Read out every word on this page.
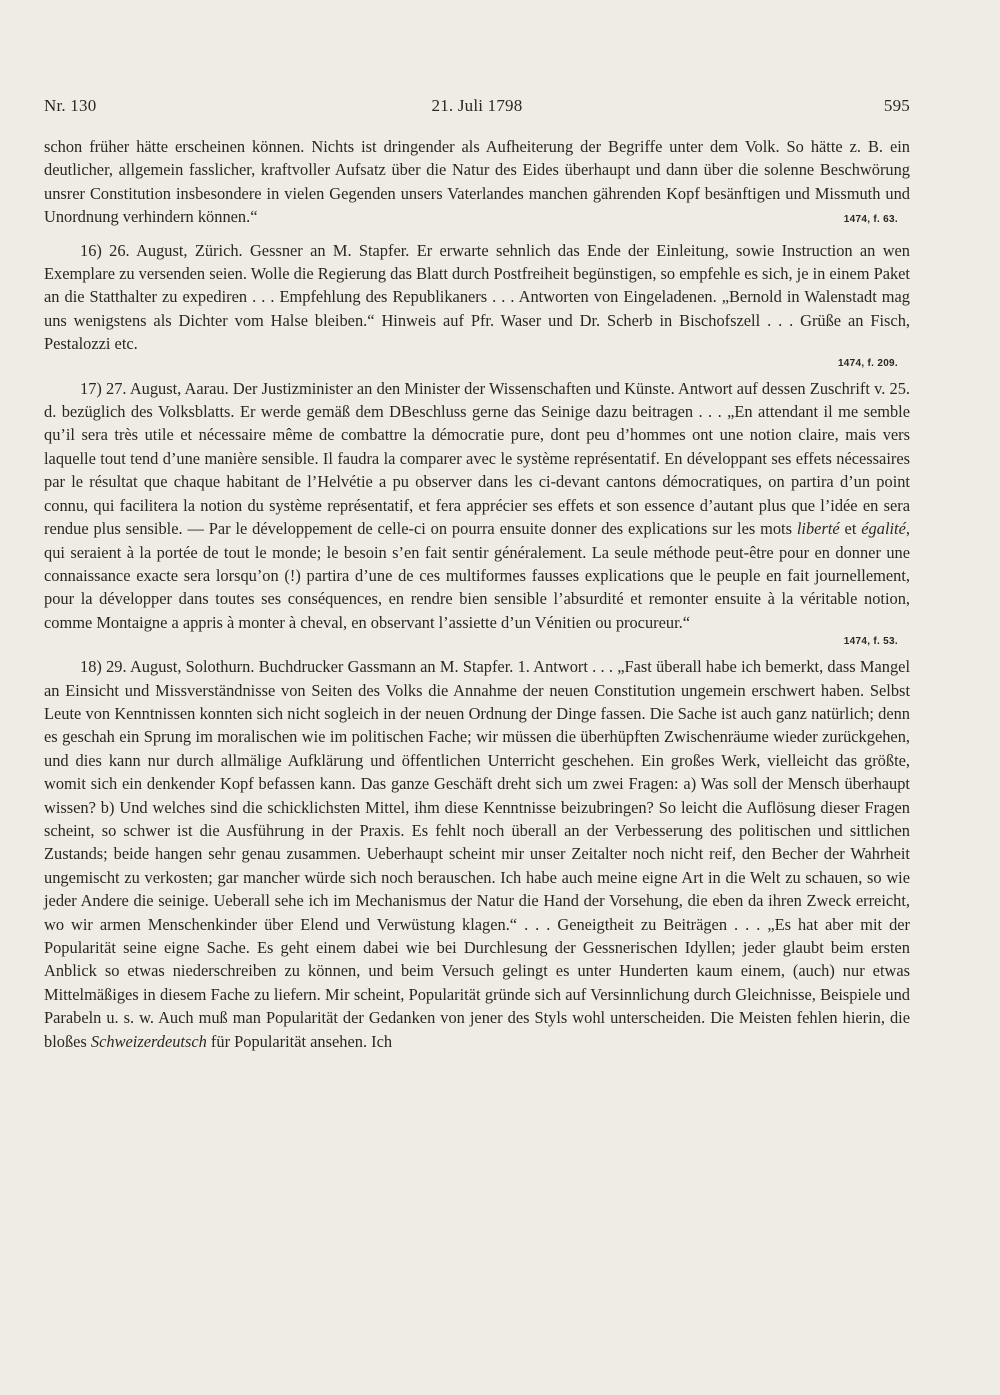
Nr. 130	21. Juli 1798	595
schon früher hätte erscheinen können. Nichts ist dringender als Aufheiterung der Begriffe unter dem Volk. So hätte z. B. ein deutlicher, allgemein fasslicher, kraftvoller Aufsatz über die Natur des Eides überhaupt und dann über die solenne Beschwörung unsrer Constitution insbesondere in vielen Gegenden unsers Vaterlandes manchen gährenden Kopf besänftigen und Missmuth und Unordnung verhindern können.“	1474, f. 63.
16) 26. August, Zürich. Gessner an M. Stapfer. Er erwarte sehnlich das Ende der Einleitung, sowie Instruction an wen Exemplare zu versenden seien. Wolle die Regierung das Blatt durch Postfreiheit begünstigen, so empfehle es sich, je in einem Paket an die Statthalter zu expediren . . . Empfehlung des Republikaners . . . Antworten von Eingeladenen. „Bernold in Walenstadt mag uns wenigstens als Dichter vom Halse bleiben.“ Hinweis auf Pfr. Waser und Dr. Scherb in Bischofszell . . . Grüße an Fisch, Pestalozzi etc.
1474, f. 209.
17) 27. August, Aarau. Der Justizminister an den Minister der Wissenschaften und Künste. Antwort auf dessen Zuschrift v. 25. d. bezüglich des Volksblatts. Er werde gemäß dem DBeschluss gerne das Seinige dazu beitragen . . . „En attendant il me semble qu’il sera très utile et nécessaire même de combattre la démocratie pure, dont peu d’hommes ont une notion claire, mais vers laquelle tout tend d’une manière sensible. Il faudra la comparer avec le système représentatif. En développant ses effets nécessaires par le résultat que chaque habitant de l’Helvétie a pu observer dans les ci-devant cantons démocratiques, on partira d’un point connu, qui facilitera la notion du système représentatif, et fera apprécier ses effets et son essence d’autant plus que l’idée en sera rendue plus sensible. — Par le développement de celle-ci on pourra ensuite donner des explications sur les mots liberté et égalité, qui seraient à la portée de tout le monde; le besoin s’en fait sentir généralement. La seule méthode peut-être pour en donner une connaissance exacte sera lorsqu’on (!) partira d’une de ces multiformes fausses explications que le peuple en fait journellement, pour la développer dans toutes ses conséquences, en rendre bien sensible l’absurdité et remonter ensuite à la véritable notion, comme Montaigne a appris à monter à cheval, en observant l’assiette d’un Vénitien ou procureur.“
1474, f. 53.
18) 29. August, Solothurn. Buchdrucker Gassmann an M. Stapfer. 1. Antwort . . . „Fast überall habe ich bemerkt, dass Mangel an Einsicht und Missverständnisse von Seiten des Volks die Annahme der neuen Constitution ungemein erschwert haben. Selbst Leute von Kenntnissen konnten sich nicht sogleich in der neuen Ordnung der Dinge fassen. Die Sache ist auch ganz natürlich; denn es geschah ein Sprung im moralischen wie im politischen Fache; wir müssen die überhüpften Zwischenräume wieder zurückgehen, und dies kann nur durch allmälige Aufklärung und öffentlichen Unterricht geschehen. Ein großes Werk, vielleicht das größte, womit sich ein denkender Kopf befassen kann. Das ganze Geschäft dreht sich um zwei Fragen: a) Was soll der Mensch überhaupt wissen? b) Und welches sind die schicklichsten Mittel, ihm diese Kenntnisse beizubringen? So leicht die Auflösung dieser Fragen scheint, so schwer ist die Ausführung in der Praxis. Es fehlt noch überall an der Verbesserung des politischen und sittlichen Zustands; beide hangen sehr genau zusammen. Ueberhaupt scheint mir unser Zeitalter noch nicht reif, den Becher der Wahrheit ungemischt zu verkosten; gar mancher würde sich noch berauschen. Ich habe auch meine eigne Art in die Welt zu schauen, so wie jeder Andere die seinige. Ueberall sehe ich im Mechanismus der Natur die Hand der Vorsehung, die eben da ihren Zweck erreicht, wo wir armen Menschenkinder über Elend und Verwüstung klagen.“ . . . Geneigtheit zu Beiträgen . . . „Es hat aber mit der Popularität seine eigne Sache. Es geht einem dabei wie bei Durchlesung der Gessnerischen Idyllen; jeder glaubt beim ersten Anblick so etwas niederschreiben zu können, und beim Versuch gelingt es unter Hunderten kaum einem, (auch) nur etwas Mittelmäßiges in diesem Fache zu liefern. Mir scheint, Popularität gründe sich auf Versinnlichung durch Gleichnisse, Beispiele und Parabeln u. s. w. Auch muß man Popularität der Gedanken von jener des Styls wohl unterscheiden. Die Meisten fehlen hierin, die bloßes Schweizerdeutsch für Popularität ansehen. Ich
